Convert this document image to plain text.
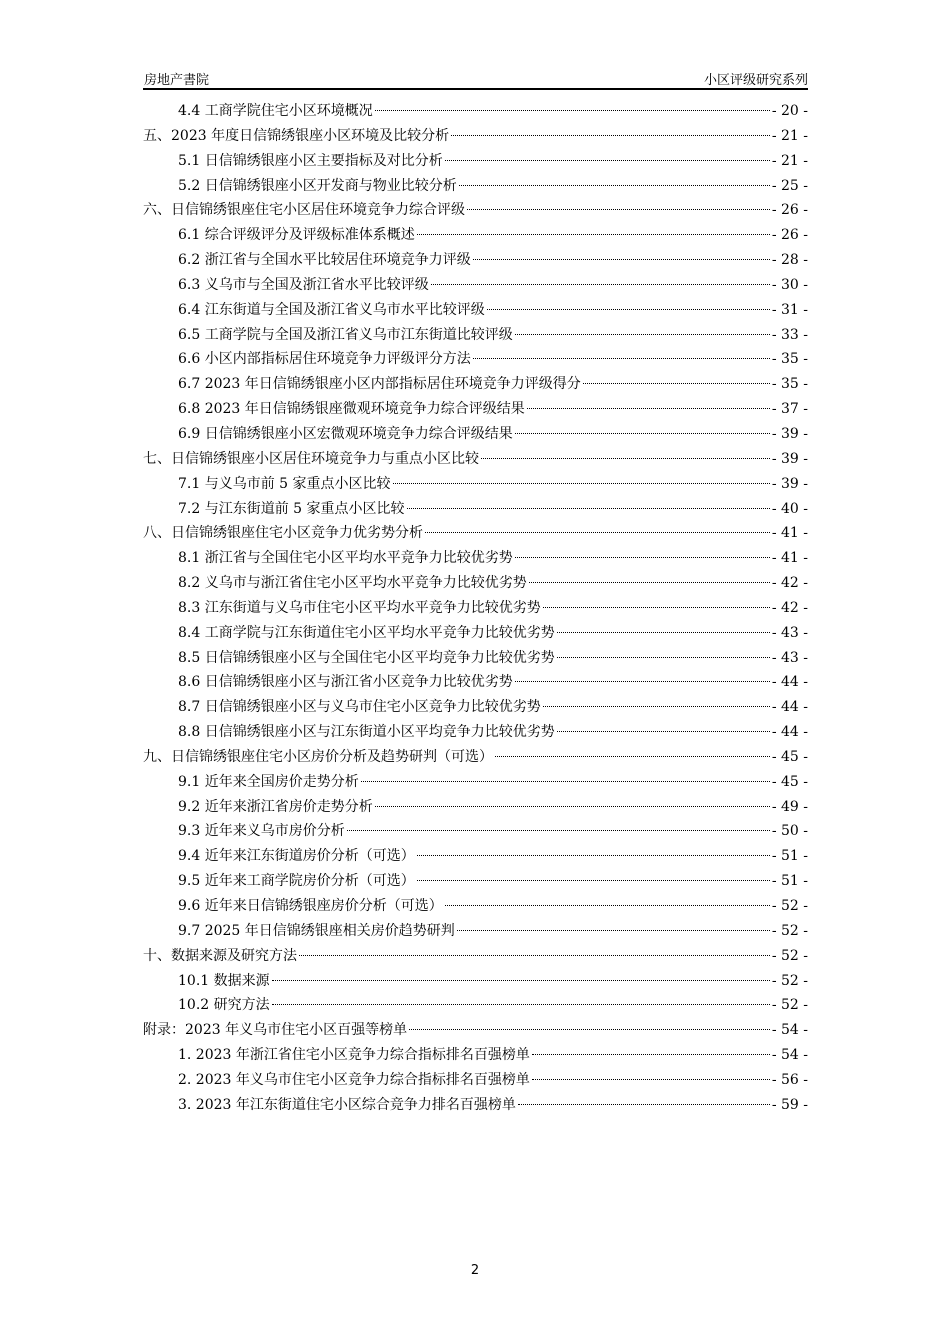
房地产書院	小区评级研究系列
4.4 工商学院住宅小区环境概况	- 20 -
五、2023 年度日信锦绣银座小区环境及比较分析	- 21 -
5.1 日信锦绣银座小区主要指标及对比分析	- 21 -
5.2 日信锦绣银座小区开发商与物业比较分析	- 25 -
六、日信锦绣银座住宅小区居住环境竞争力综合评级	- 26 -
6.1 综合评级评分及评级标准体系概述	- 26 -
6.2 浙江省与全国水平比较居住环境竞争力评级	- 28 -
6.3 义乌市与全国及浙江省水平比较评级	- 30 -
6.4 江东街道与全国及浙江省义乌市水平比较评级	- 31 -
6.5 工商学院与全国及浙江省义乌市江东街道比较评级	- 33 -
6.6 小区内部指标居住环境竞争力评级评分方法	- 35 -
6.7 2023 年日信锦绣银座小区内部指标居住环境竞争力评级得分	- 35 -
6.8 2023 年日信锦绣银座微观环境竞争力综合评级结果	- 37 -
6.9 日信锦绣银座小区宏微观环境竞争力综合评级结果	- 39 -
七、日信锦绣银座小区居住环境竞争力与重点小区比较	- 39 -
7.1 与义乌市前 5 家重点小区比较	- 39 -
7.2 与江东街道前 5 家重点小区比较	- 40 -
八、日信锦绣银座住宅小区竞争力优劣势分析	- 41 -
8.1 浙江省与全国住宅小区平均水平竞争力比较优劣势	- 41 -
8.2 义乌市与浙江省住宅小区平均水平竞争力比较优劣势	- 42 -
8.3 江东街道与义乌市住宅小区平均水平竞争力比较优劣势	- 42 -
8.4 工商学院与江东街道住宅小区平均水平竞争力比较优劣势	- 43 -
8.5 日信锦绣银座小区与全国住宅小区平均竞争力比较优劣势	- 43 -
8.6 日信锦绣银座小区与浙江省小区竞争力比较优劣势	- 44 -
8.7 日信锦绣银座小区与义乌市住宅小区竞争力比较优劣势	- 44 -
8.8 日信锦绣银座小区与江东街道小区平均竞争力比较优劣势	- 44 -
九、日信锦绣银座住宅小区房价分析及趋势研判（可选）	- 45 -
9.1 近年来全国房价走势分析	- 45 -
9.2 近年来浙江省房价走势分析	- 49 -
9.3 近年来义乌市房价分析	- 50 -
9.4 近年来江东街道房价分析（可选）	- 51 -
9.5 近年来工商学院房价分析（可选）	- 51 -
9.6 近年来日信锦绣银座房价分析（可选）	- 52 -
9.7 2025 年日信锦绣银座相关房价趋势研判	- 52 -
十、数据来源及研究方法	- 52 -
10.1 数据来源	- 52 -
10.2 研究方法	- 52 -
附录：2023 年义乌市住宅小区百强等榜单	- 54 -
1. 2023 年浙江省住宅小区竞争力综合指标排名百强榜单	- 54 -
2. 2023 年义乌市住宅小区竞争力综合指标排名百强榜单	- 56 -
3. 2023 年江东街道住宅小区综合竞争力排名百强榜单	- 59 -
2
